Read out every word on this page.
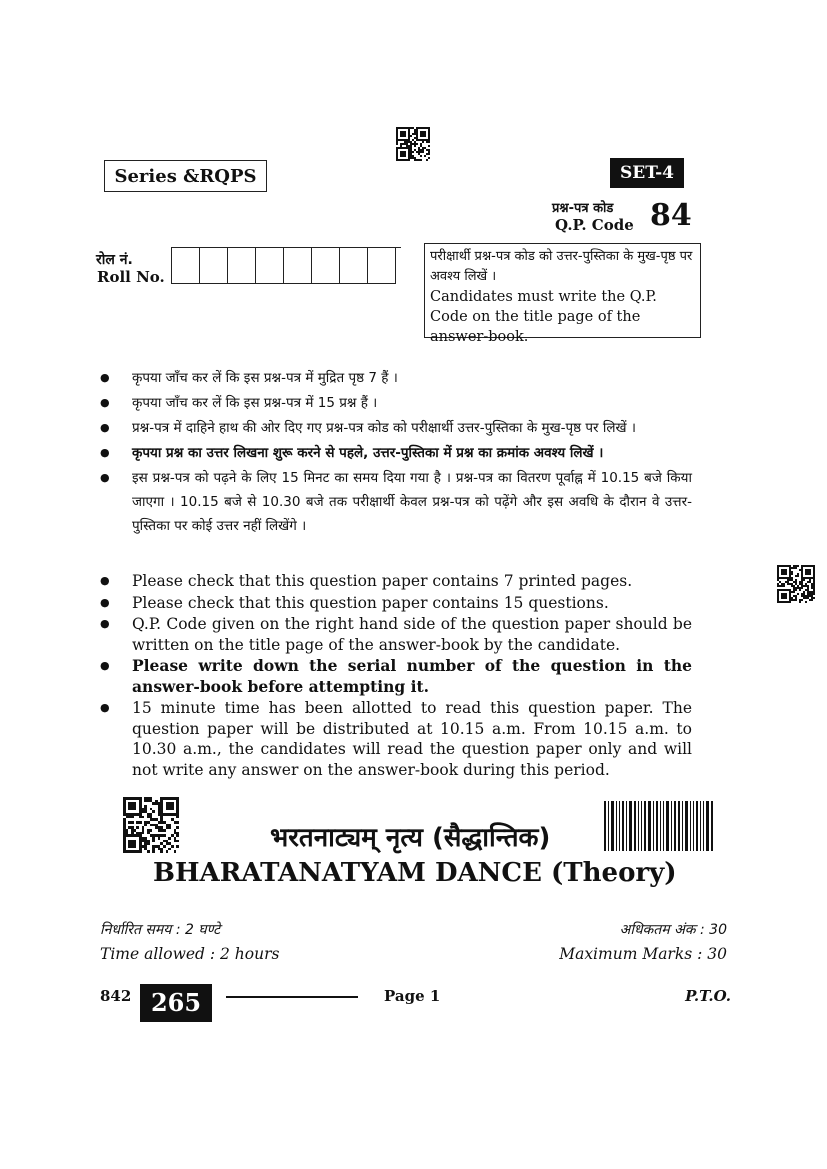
Series &RQPS	SET-4
प्रश्न-पत्र कोड
Q.P. Code 84
रोल नं.
Roll No.
परीक्षार्थी प्रश्न-पत्र कोड को उत्तर-पुस्तिका के मुख-पृष्ठ पर अवश्य लिखें ।
Candidates must write the Q.P. Code on the title page of the answer-book.
● कृपया जाँच कर लें कि इस प्रश्न-पत्र में मुद्रित पृष्ठ 7 हैं ।
● कृपया जाँच कर लें कि इस प्रश्न-पत्र में 15 प्रश्न हैं ।
● प्रश्न-पत्र में दाहिने हाथ की ओर दिए गए प्रश्न-पत्र कोड को परीक्षार्थी उत्तर-पुस्तिका के मुख-पृष्ठ पर लिखें ।
● कृपया प्रश्न का उत्तर लिखना शुरू करने से पहले, उत्तर-पुस्तिका में प्रश्न का क्रमांक अवश्य लिखें ।
● इस प्रश्न-पत्र को पढ़ने के लिए 15 मिनट का समय दिया गया है । प्रश्न-पत्र का वितरण पूर्वाह्न में 10.15 बजे किया जाएगा । 10.15 बजे से 10.30 बजे तक परीक्षार्थी केवल प्रश्न-पत्र को पढ़ेंगे और इस अवधि के दौरान वे उत्तर-पुस्तिका पर कोई उत्तर नहीं लिखेंगे ।
● Please check that this question paper contains 7 printed pages.
● Please check that this question paper contains 15 questions.
● Q.P. Code given on the right hand side of the question paper should be written on the title page of the answer-book by the candidate.
● Please write down the serial number of the question in the answer-book before attempting it.
● 15 minute time has been allotted to read this question paper. The question paper will be distributed at 10.15 a.m. From 10.15 a.m. to 10.30 a.m., the candidates will read the question paper only and will not write any answer on the answer-book during this period.
भरतनाट्यम् नृत्य (सैद्धान्तिक)
BHARATANATYAM DANCE (Theory)
निर्धारित समय : 2 घण्टे
Time allowed : 2 hours
अधिकतम अंक : 30
Maximum Marks : 30
842 265	Page 1	P.T.O.
